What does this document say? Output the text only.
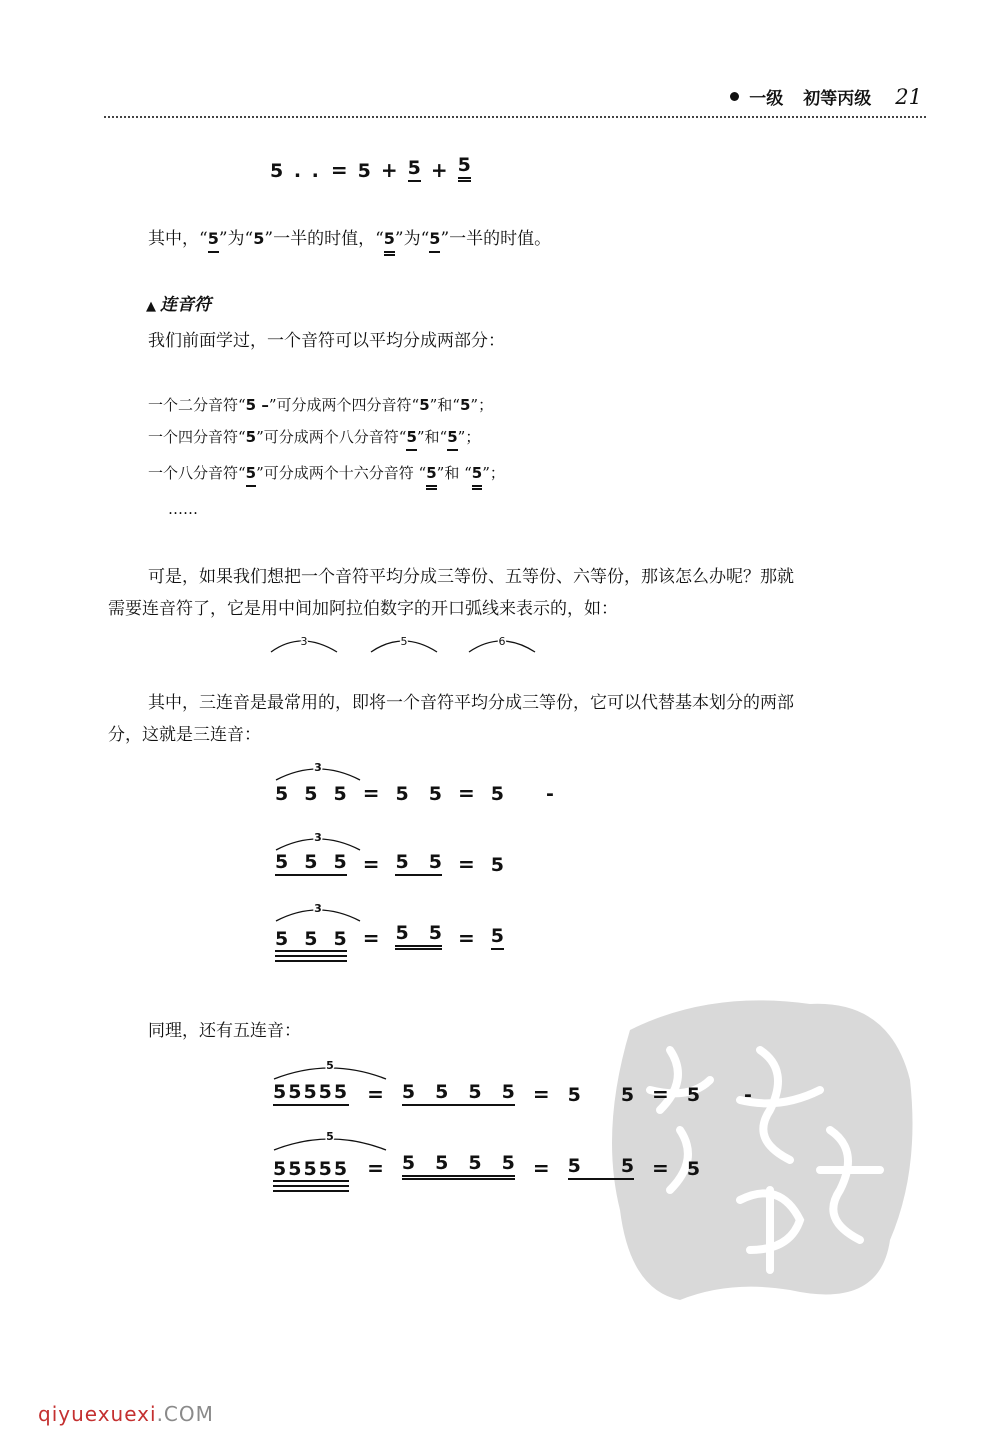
一级 初等丙级 21
5 . . = 5 + 5 + 5
其中，“5”为“5”一半的时值，“5”为“5”一半的时值。
▲ 连音符
我们前面学过，一个音符可以平均分成两部分：
一个二分音符“5 –”可分成两个四分音符“5”和“5”；
一个四分音符“5”可分成两个八分音符“5”和“5”；
一个八分音符“5”可分成两个十六分音符 “5”和 “5”；
……
可是，如果我们想把一个音符平均分成三等份、五等份、六等份，那该怎么办呢？那就
需要连音符了，它是用中间加阿拉伯数字的开口弧线来表示的，如：
3	5	6
其中，三连音是最常用的，即将一个音符平均分成三等份，它可以代替基本划分的两部
分，这就是三连音：
3
5 5 5 = 5 5 = 5 -
3
5 5 5 = 5 5 = 5
3
5 5 5 = 5 5 = 5
同理，还有五连音：
5
55555 = 5 5 5 5 = 5 5 = 5 -
5
55555 = 5 5 5 5 = 5 5 = 5
qiyuexuexi.COM
